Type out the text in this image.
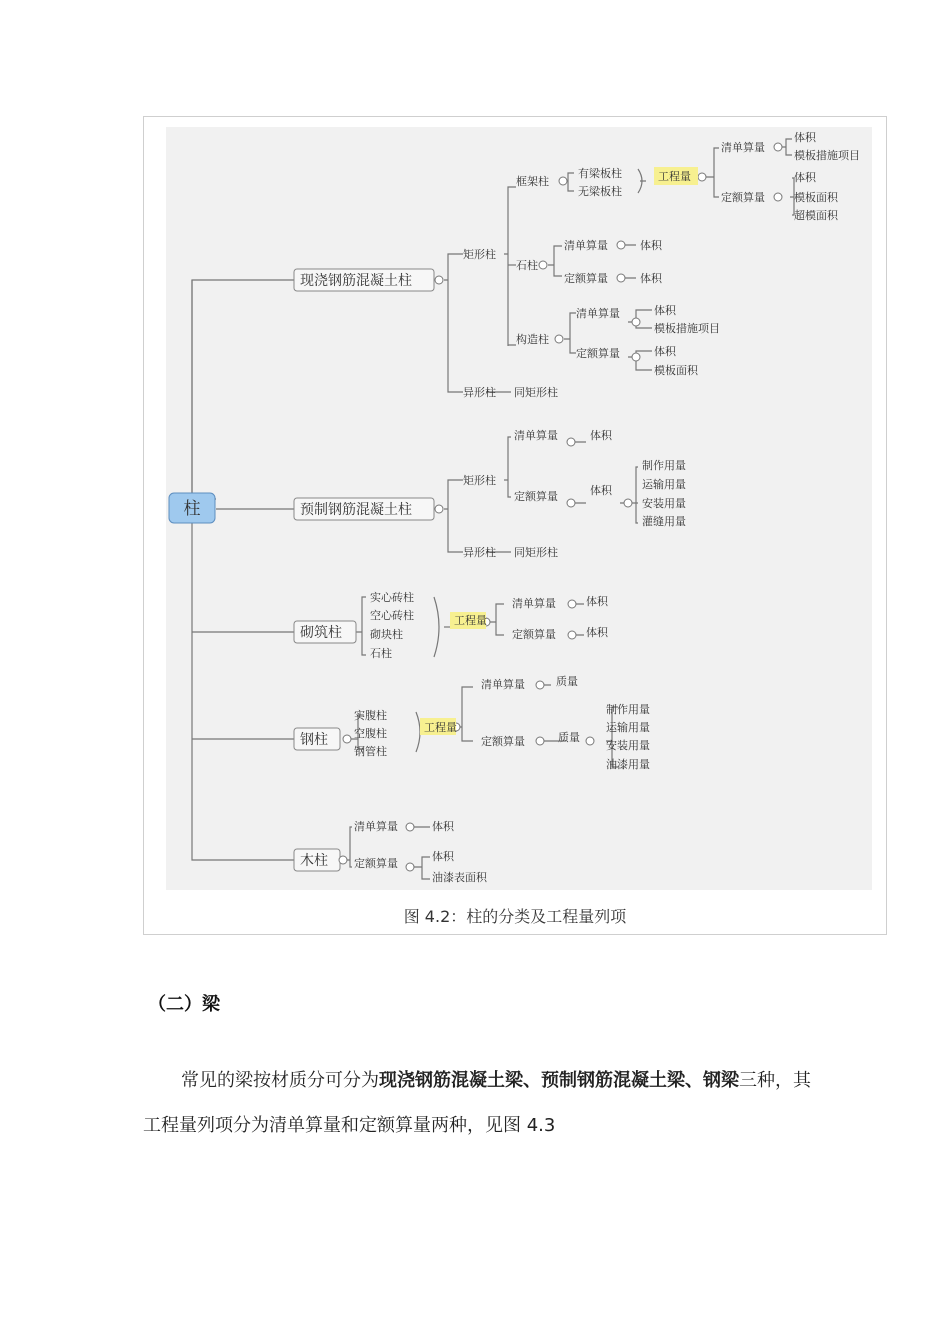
柱
现浇钢筋混凝土柱
预制钢筋混凝土柱
砌筑柱
钢柱
木柱
矩形柱
异形柱 同矩形柱
框架柱
石柱
构造柱
有梁板柱
无梁板柱
工程量
清单算量
定额算量
体积
模板措施项目
体积
模板面积
超模面积
清单算量
定额算量
体积
体积
清单算量
定额算量
体积
模板措施项目
体积
模板面积
矩形柱
异形柱 同矩形柱
清单算量
定额算量
体积
体积
制作用量
运输用量
安装用量
灌缝用量
实心砖柱
空心砖柱
砌块柱
石柱
工程量
清单算量
定额算量
体积
体积
实腹柱
空腹柱
钢管柱
工程量
清单算量
定额算量
质量
质量
制作用量
运输用量
安装用量
油漆用量
清单算量
定额算量
体积
体积
油漆表面积
图 4.2：柱的分类及工程量列项
（二）梁
常见的梁按材质分可分为现浇钢筋混凝土梁、预制钢筋混凝土梁、钢梁三种，其工程量列项分为清单算量和定额算量两种，见图 4.3
